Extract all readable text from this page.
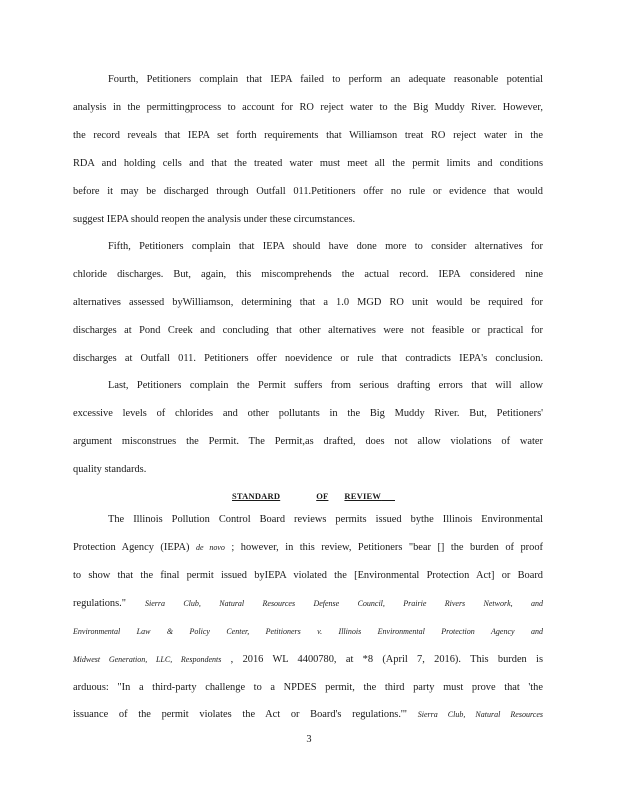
Fourth, Petitioners complain that IEPA failed to perform an adequate reasonable potential
analysis in the permittingprocess to account for RO reject water to the Big Muddy River. However,
the record reveals that IEPA set forth requirements that Williamson treat RO reject water in the
RDA and holding cells and that the treated water must meet all the permit limits and conditions
before it may be discharged through Outfall 011.Petitioners offer no rule or evidence that would
suggest IEPA should reopen the analysis under these circumstances.
Fifth, Petitioners complain that IEPA should have done more to consider alternatives for
chloride discharges. But, again, this miscomprehends the actual record. IEPA considered nine
alternatives assessed byWilliamson, determining that a 1.0 MGD RO unit would be required for
discharges at Pond Creek and concluding that other alternatives were not feasible or practical for
discharges at Outfall 011. Petitioners offer noevidence or rule that contradicts IEPA's conclusion.
Last, Petitioners complain the Permit suffers from serious drafting errors that will allow
excessive levels of chlorides and other pollutants in the Big Muddy River. But, Petitioners'
argument misconstrues the Permit. The Permit,as drafted, does not allow violations of water
quality standards.
STANDARD	OF REVIEW
The Illinois Pollution Control Board reviews permits issued bythe Illinois Environmental
Protection Agency (IEPA) de novo ; however, in this review, Petitioners "bear [] the burden of proof
to show that the final permit issued byIEPA violated the [Environmental Protection Act] or Board
regulations." Sierra Club, Natural Resources Defense Council, Prairie Rivers Network, and
Environmental Law & Policy Center, Petitioners v. Illinois Environmental Protection Agency and
Midwest Generation, LLC, Respondents , 2016 WL 4400780, at *8 (April 7, 2016). This burden is
arduous: "In a third-party challenge to a NPDES permit, the third party must prove that 'the
issuance of the permit violates the Act or Board's regulations.'" Sierra Club, Natural Resources
3
